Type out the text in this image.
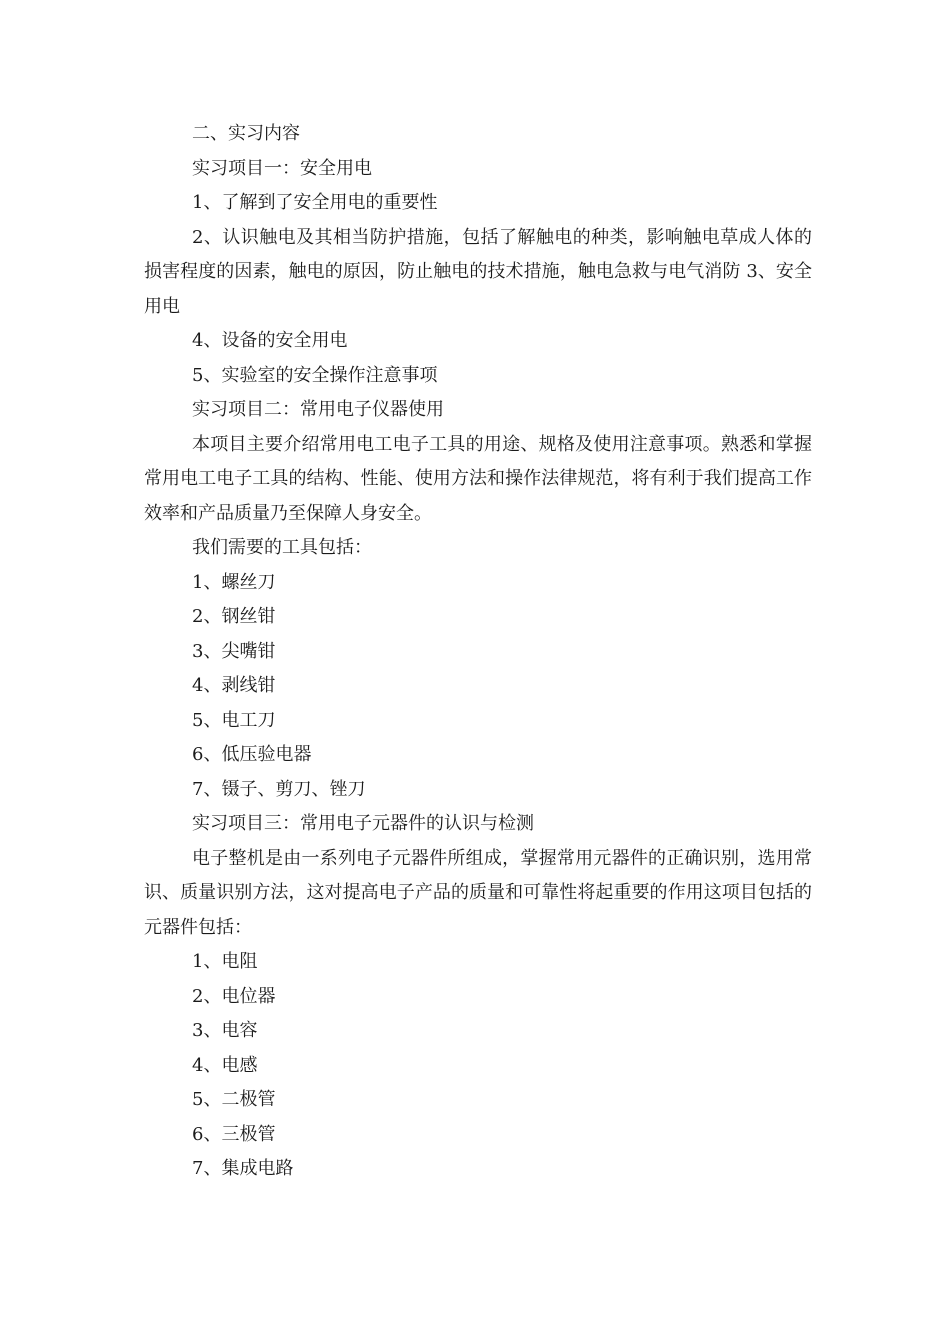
二、实习内容

实习项目一：安全用电

1、了解到了安全用电的重要性

2、认识触电及其相当防护措施，包括了解触电的种类，影响触电草成人体的损害程度的因素，触电的原因，防止触电的技术措施，触电急救与电气消防 3、安全用电

4、设备的安全用电

5、实验室的安全操作注意事项

实习项目二：常用电子仪器使用

本项目主要介绍常用电工电子工具的用途、规格及使用注意事项。熟悉和掌握常用电工电子工具的结构、性能、使用方法和操作法律规范，将有利于我们提高工作效率和产品质量乃至保障人身安全。

我们需要的工具包括：

1、螺丝刀

2、钢丝钳

3、尖嘴钳

4、剥线钳

5、电工刀

6、低压验电器

7、镊子、剪刀、锉刀

实习项目三：常用电子元器件的认识与检测

电子整机是由一系列电子元器件所组成，掌握常用元器件的正确识别，选用常识、质量识别方法，这对提高电子产品的质量和可靠性将起重要的作用这项目包括的元器件包括：

1、电阻

2、电位器

3、电容

4、电感

5、二极管

6、三极管

7、集成电路
